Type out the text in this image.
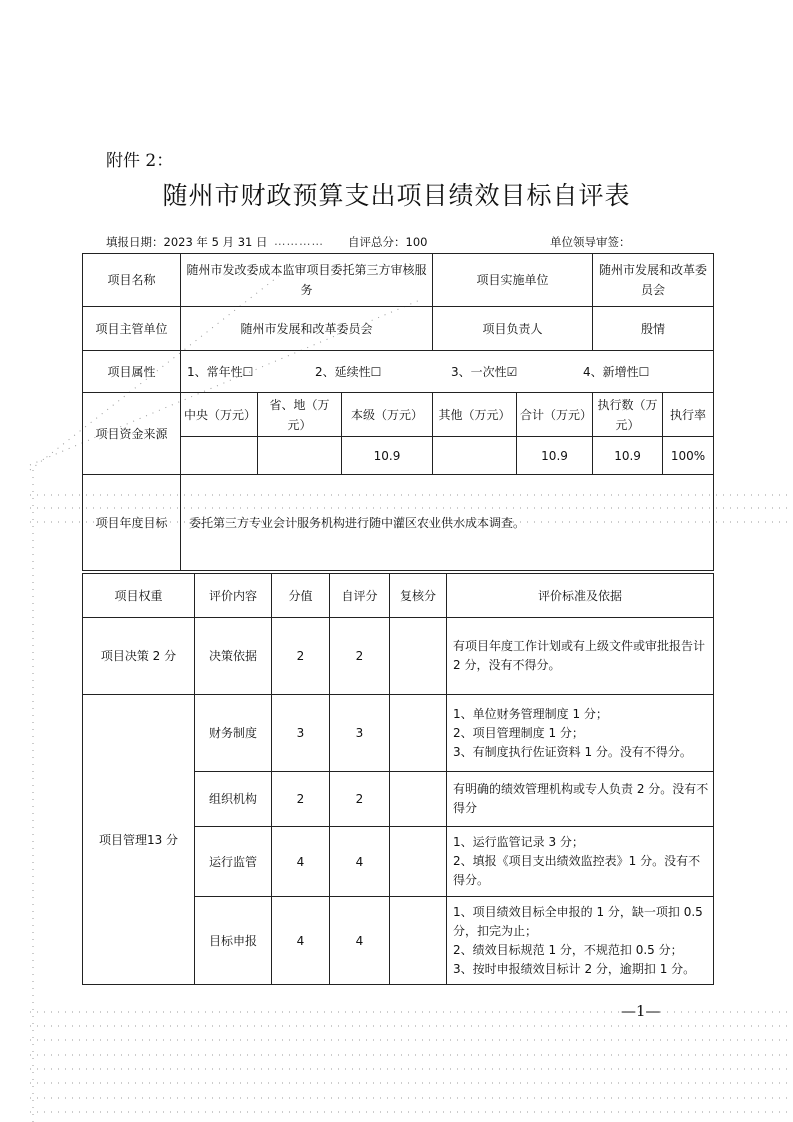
附件 2：
随州市财政预算支出项目绩效目标自评表
填报日期：2023 年 5 月 31 日 ………… 自评总分：100	单位领导审签：
项目名称	随州市发改委成本监审项目委托第三方审核服务			项目实施单位		随州市发展和改革委员会	
项目主管单位	随州市发展和改革委员会			项目负责人		殷情	
项目属性	1、常年性☐ 2、延续性☐ 3、一次性☑ 4、新增性☐						
项目资金来源	中央（万元）	省、地（万元）	本级（万元）	其他（万元）	合计（万元）	执行数（万元）	执行率
			10.9		10.9	10.9	100%
项目年度目标	委托第三方专业会计服务机构进行随中灌区农业供水成本调查。						
项目权重	评价内容	分值	自评分	复核分	评价标准及依据
项目决策 2 分	决策依据	2	2		有项目年度工作计划或有上级文件或审批报告计 2 分，没有不得分。
项目管理13 分	财务制度	3	3		1、单位财务管理制度 1 分；
2、项目管理制度 1 分；
3、有制度执行佐证资料 1 分。没有不得分。

	组织机构	2	2		有明确的绩效管理机构或专人负责 2 分。没有不得分

	运行监管	4	4		1、运行监管记录 3 分；
2、填报《项目支出绩效监控表》1 分。没有不得分。

	目标申报	4	4		1、项目绩效目标全申报的 1 分，缺一项扣 0.5 分，扣完为止；
2、绩效目标规范 1 分，不规范扣 0.5 分；
3、按时申报绩效目标计 2 分，逾期扣 1 分。
—1—
